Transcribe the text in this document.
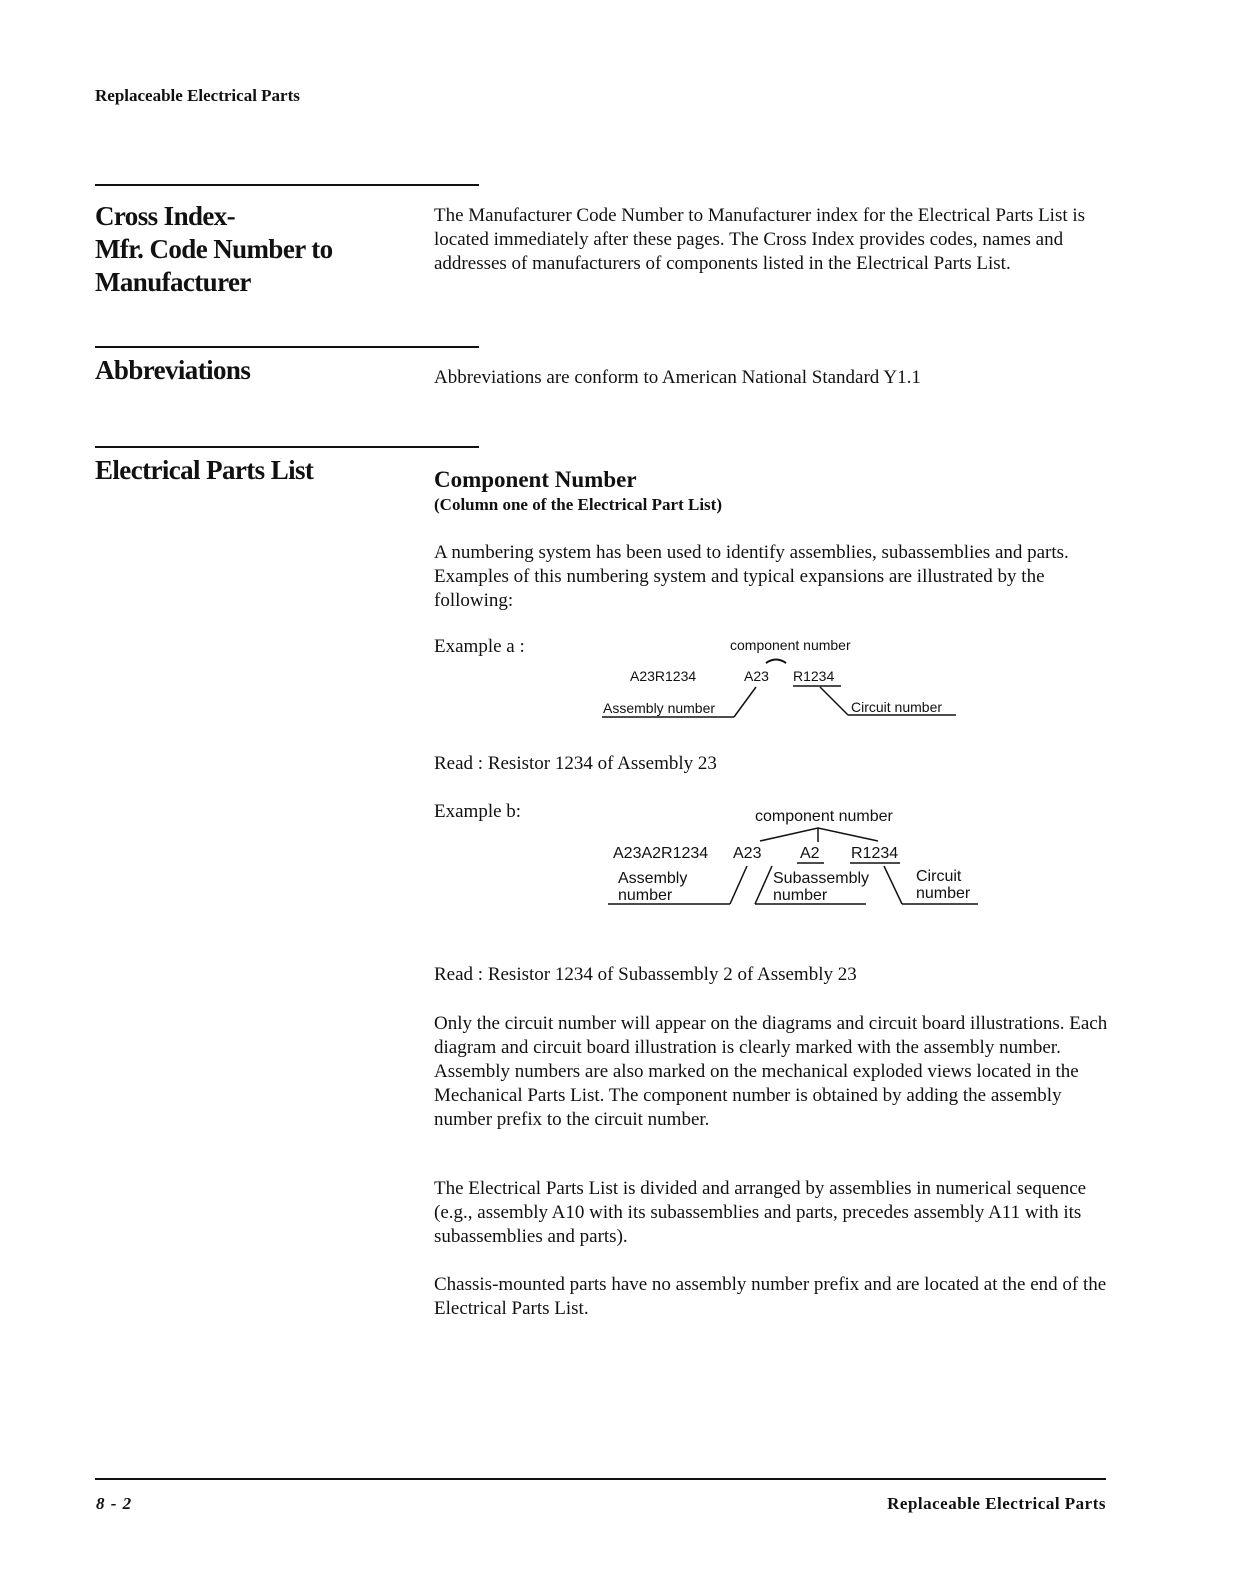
Replaceable Electrical Parts
Cross Index-
Mfr. Code Number to
Manufacturer

The Manufacturer Code Number to Manufacturer index for the Electrical Parts List is located immediately after these pages. The Cross Index provides codes, names and addresses of manufacturers of components listed in the Electrical Parts List.

Abbreviations	Abbreviations are conform to American National Standard Y1.1

Electrical Parts List	Component Number
(Column one of the Electrical Part List)

A numbering system has been used to identify assemblies, subassemblies and parts. Examples of this numbering system and typical expansions are illustrated by the following:

Example a :	component number
A23R1234	A23 R1234
Assembly number	Circuit number
Read : Resistor 1234 of Assembly 23
Example b:	component number
A23A2R1234 A23 A2 R1234
Assembly
number
Subassembly
number
Circuit
number
Read : Resistor 1234 of Subassembly 2 of Assembly 23

Only the circuit number will appear on the diagrams and circuit board illustrations. Each diagram and circuit board illustration is clearly marked with the assembly number. Assembly numbers are also marked on the mechanical exploded views located in the Mechanical Parts List. The component number is obtained by adding the assembly number prefix to the circuit number.

The Electrical Parts List is divided and arranged by assemblies in numerical sequence (e.g., assembly A10 with its subassemblies and parts, precedes assembly A11 with its subassemblies and parts).

Chassis-mounted parts have no assembly number prefix and are located at the end of the Electrical Parts List.

8 - 2	Replaceable Electrical Parts
